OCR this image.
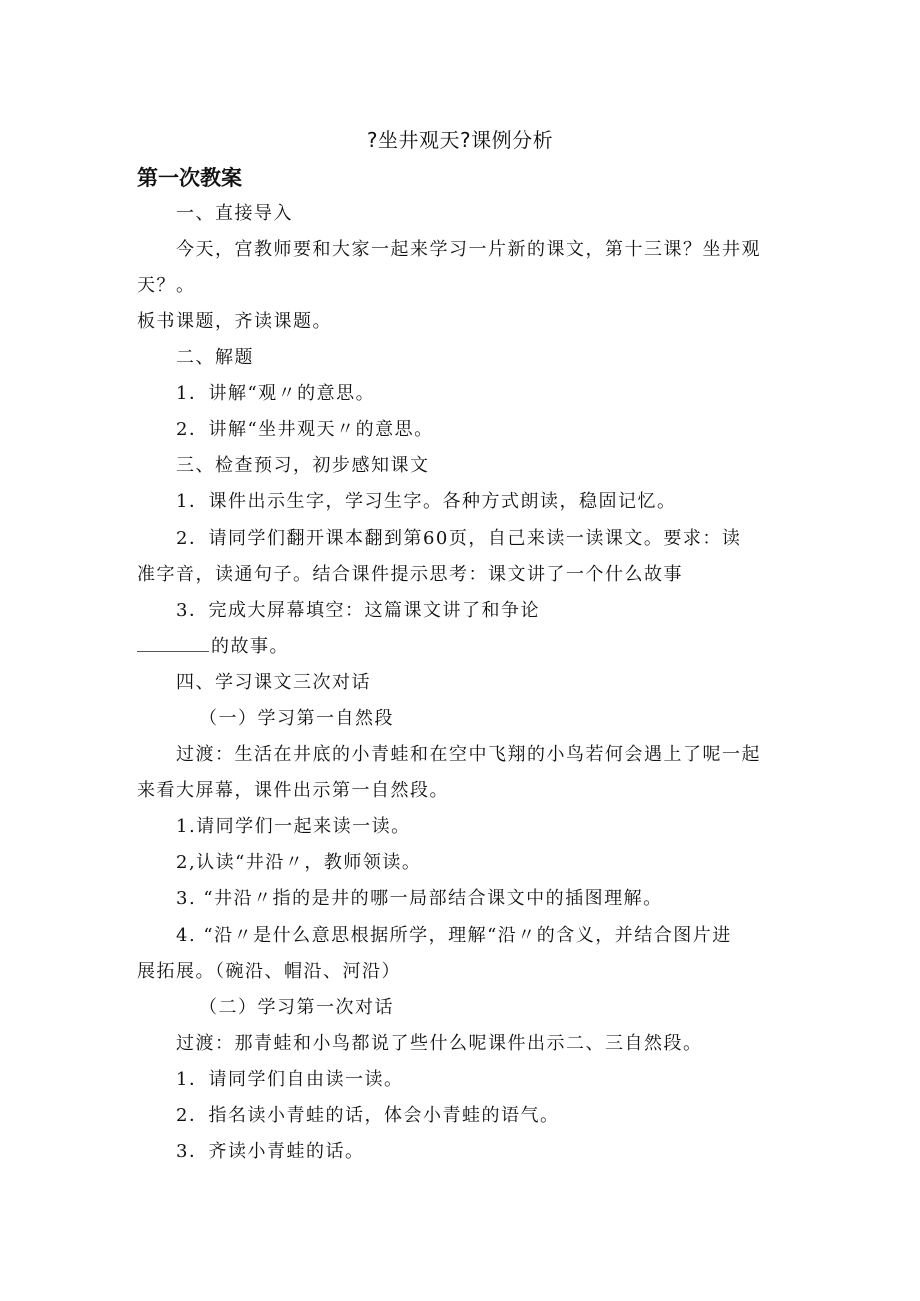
?坐井观天?课例分析
第一次教案
一、直接导入
今天，宫教师要和大家一起来学习一片新的课文，第十三课？坐井观
天？。
板书课题，齐读课题。
二、解题
1．讲解“观〃的意思。
2．讲解“坐井观天〃的意思。
三、检查预习，初步感知课文
1．课件出示生字，学习生字。各种方式朗读，稳固记忆。
2．请同学们翻开课本翻到第60页，自己来读一读课文。要求：读
准字音，读通句子。结合课件提示思考：课文讲了一个什么故事
3．完成大屏幕填空：这篇课文讲了和争论
的故事。
四、学习课文三次对话
（一）学习第一自然段
过渡：生活在井底的小青蛙和在空中飞翔的小鸟若何会遇上了呢一起
来看大屏幕，课件出示第一自然段。
1.请同学们一起来读一读。
2,认读“井沿〃，教师领读。
3. “井沿〃指的是井的哪一局部结合课文中的插图理解。
4. “沿〃是什么意思根据所学，理解“沿〃的含义，并结合图片进
展拓展。（碗沿、帽沿、河沿）
（二）学习第一次对话
过渡：那青蛙和小鸟都说了些什么呢课件出示二、三自然段。
1．请同学们自由读一读。
2．指名读小青蛙的话，体会小青蛙的语气。
3．齐读小青蛙的话。
